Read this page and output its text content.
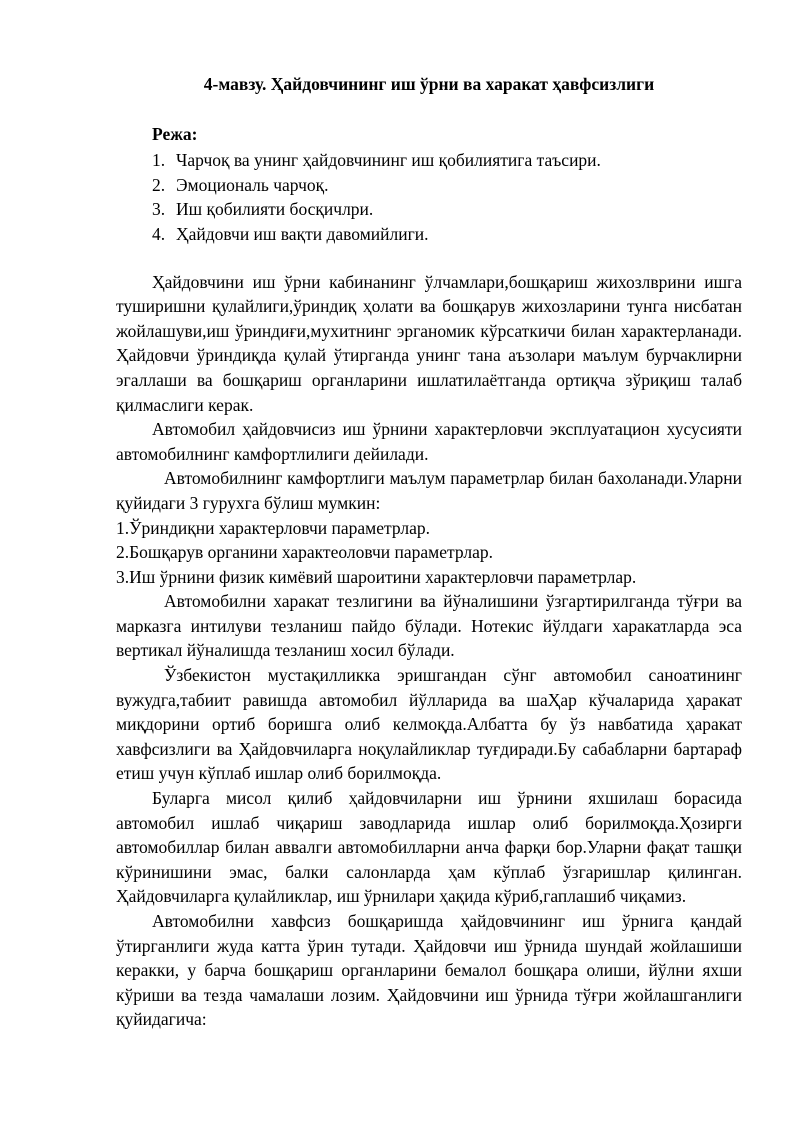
4-мавзу. Ҳайдовчининг иш ўрни ва харакат ҳавфсизлиги
Режа:
1. Чарчоқ ва унинг ҳайдовчининг иш қобилиятига таъсири.
2. Эмоциональ чарчоқ.
3. Иш қобилияти босқичлри.
4. Ҳайдовчи иш вақти давомийлиги.

Ҳайдовчини иш ўрни кабинанинг ўлчамлари,бошқариш жихозлврини ишга туширишни қулайлиги,ўриндиқ ҳолати ва бошқарув жихозларини тунга нисбатан жойлашуви,иш ўриндиғи,мухитнинг эрганомик кўрсаткичи билан характерланади. Ҳайдовчи ўриндиқда қулай ўтирганда унинг тана аъзолари маълум бурчаклирни эгаллаши ва бошқариш органларини ишлатилаётганда ортиқча зўриқиш талаб қилмаслиги керак.

Автомобил ҳайдовчисиз иш ўрнини характерловчи эксплуатацион хусусияти автомобилнинг камфортлилиги дейилади.

Автомобилнинг камфортлиги маълум параметрлар билан бахоланади.Уларни қуйидаги 3 гурухга бўлиш мумкин:

1.Ўриндиқни характерловчи параметрлар.

2.Бошқарув органини характеоловчи параметрлар.

3.Иш ўрнини физик кимёвий шароитини характерловчи параметрлар.

Автомобилни харакат тезлигини ва йўналишини ўзгартирилганда тўғри ва марказга интилуви тезланиш пайдо бўлади. Нотекис йўлдаги харакатларда эса вертикал йўналишда тезланиш хосил бўлади.

Ўзбекистон мустақилликка эришгандан сўнг автомобил саноатининг вужудга,табиит равишда автомобил йўлларида ва шаҲар кўчаларида ҳаракат миқдорини ортиб боришга олиб келмоқда.Албатта бу ўз навбатида ҳаракат хавфсизлиги ва Ҳайдовчиларга ноқулайликлар туғдиради.Бу сабабларни бартараф етиш учун кўплаб ишлар олиб борилмоқда.

Буларга мисол қилиб ҳайдовчиларни иш ўрнини яхшилаш борасида автомобил ишлаб чиқариш заводларида ишлар олиб борилмоқда.Ҳозирги автомобиллар билан аввалги автомобилларни анча фарқи бор.Уларни фақат ташқи кўринишини эмас, балки салонларда ҳам кўплаб ўзгаришлар қилинган. Ҳайдовчиларга қулайликлар, иш ўрнилари ҳақида кўриб,гаплашиб чиқамиз.

Автомобилни хавфсиз бошқаришда ҳайдовчининг иш ўрнига қандай ўтирганлиги жуда катта ўрин тутади. Ҳайдовчи иш ўрнида шундай жойлашиши керакки, у барча бошқариш органларини бемалол бошқара олиши, йўлни яхши кўриши ва тезда чамалаши лозим. Ҳайдовчини иш ўрнида тўғри жойлашганлиги қуйидагича:
